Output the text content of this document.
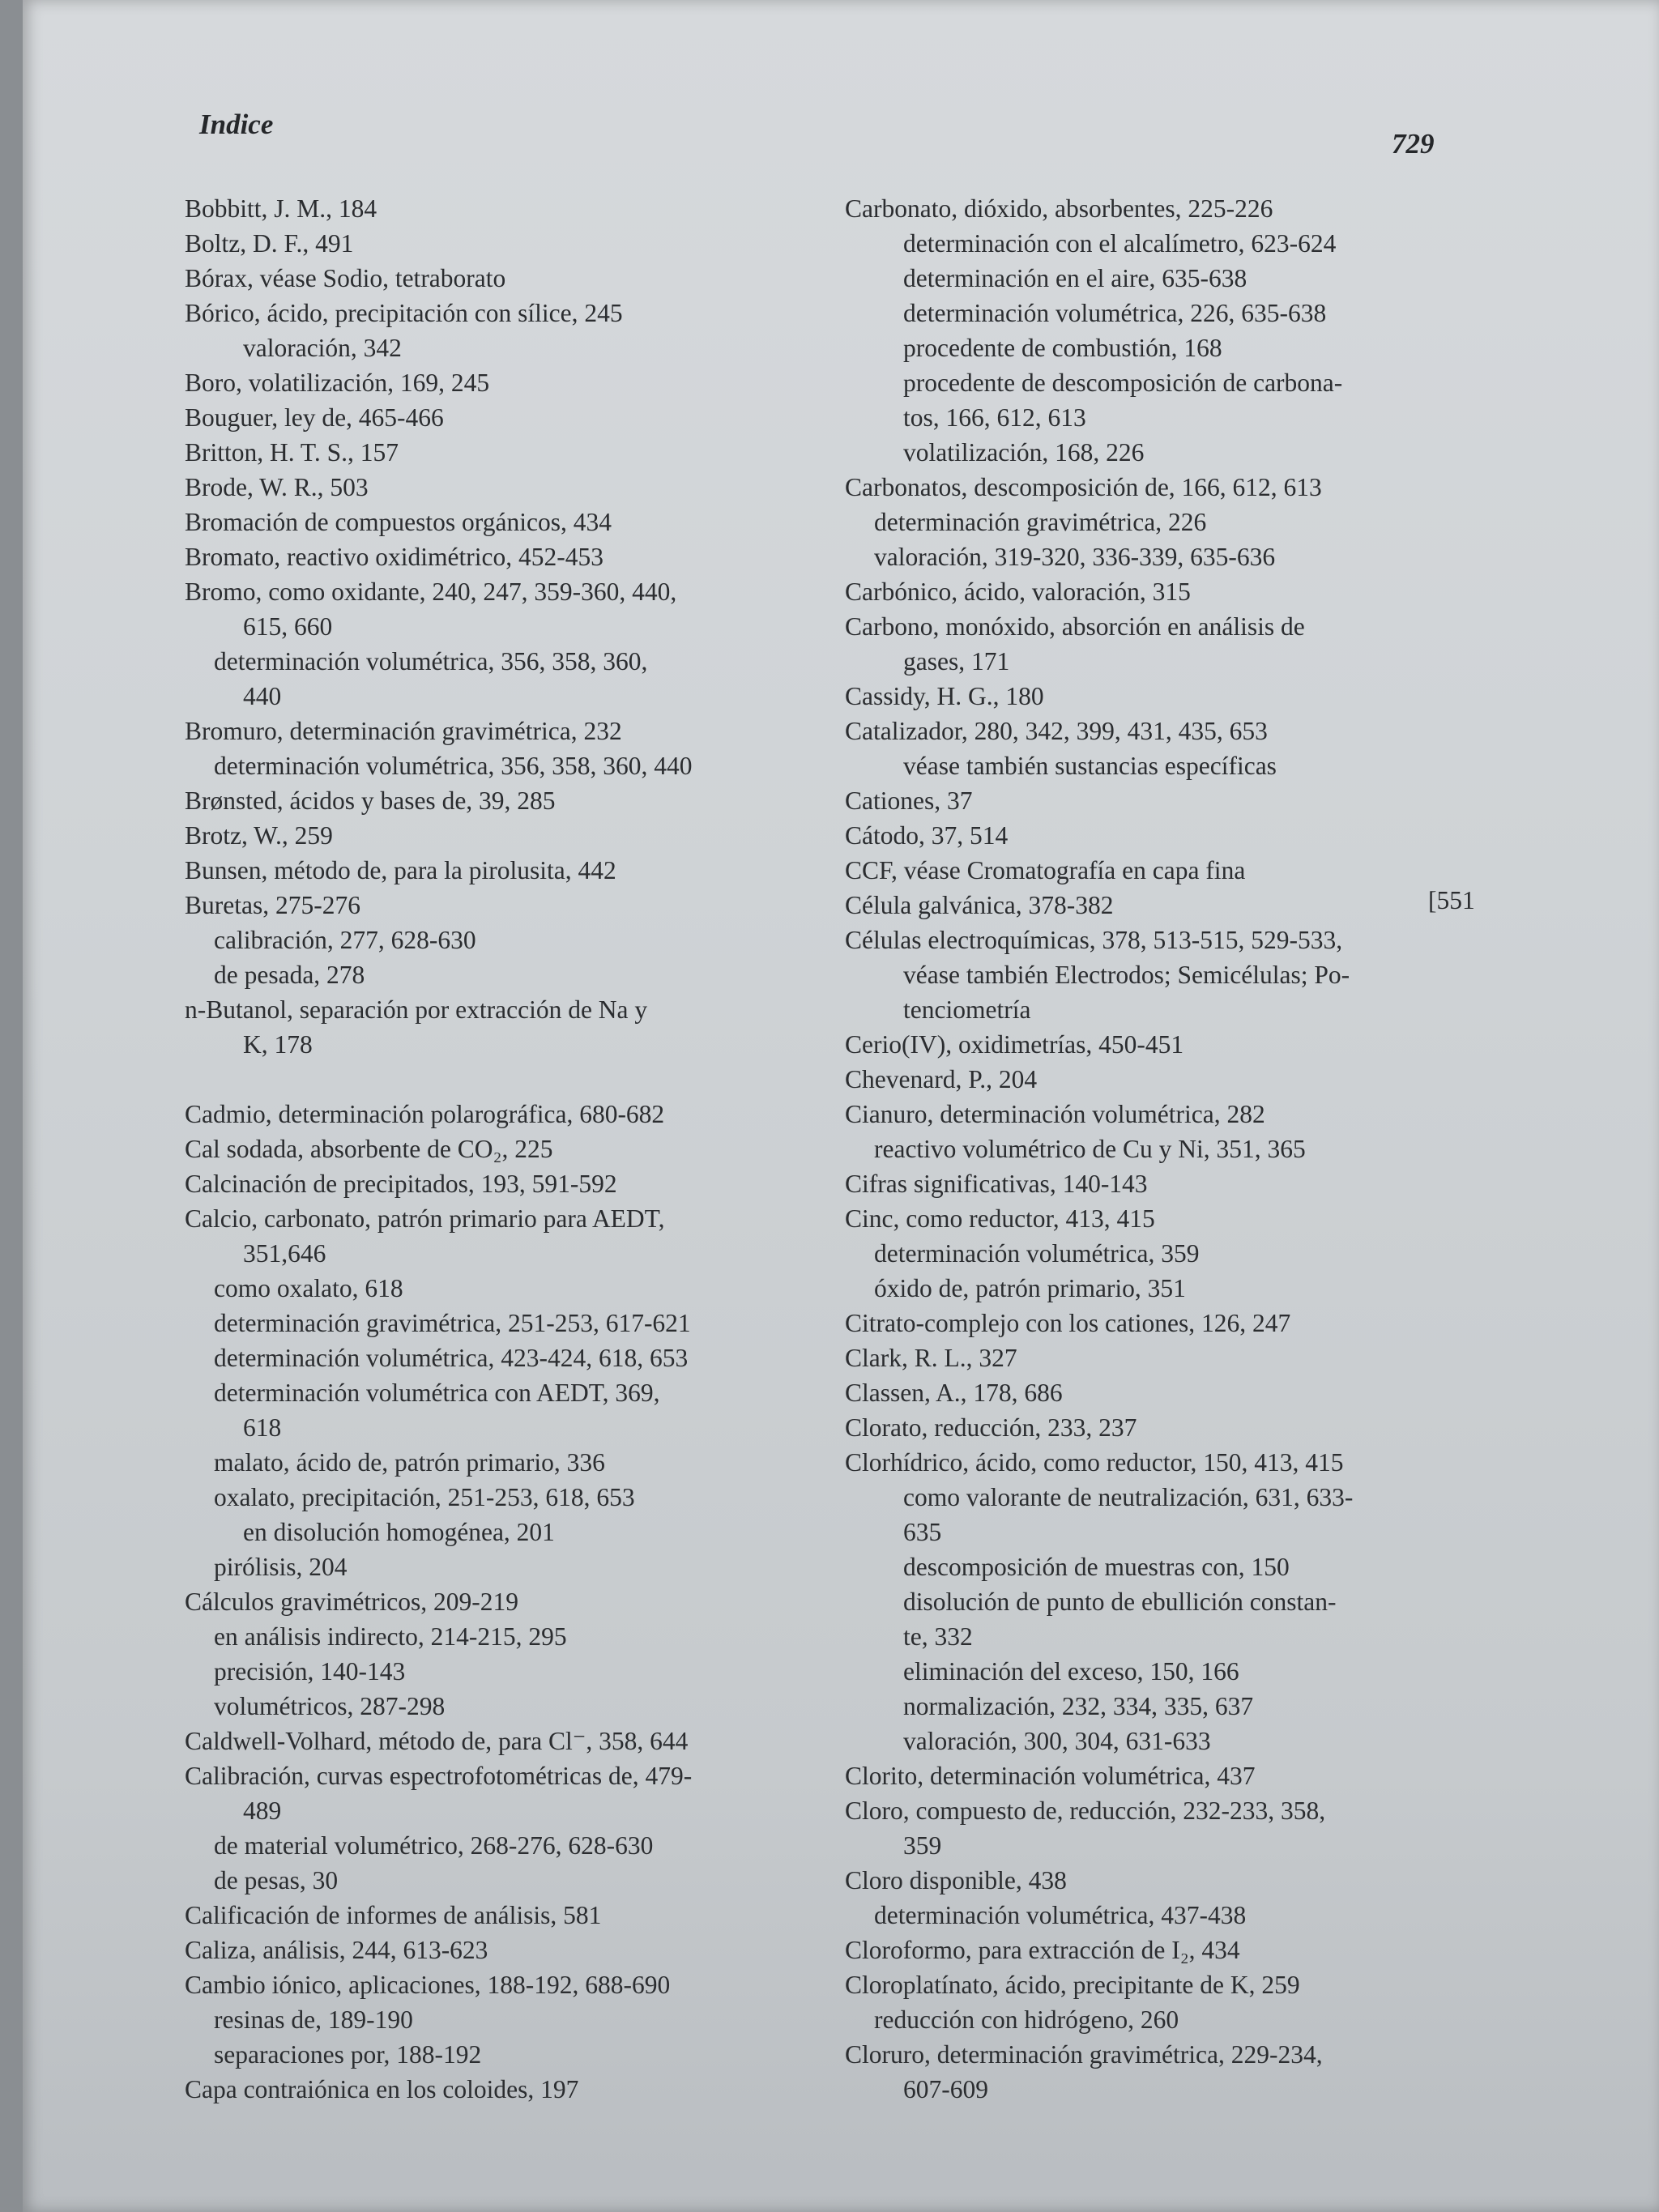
Indice
729
Bobbitt, J. M., 184
Boltz, D. F., 491
Bórax, véase Sodio, tetraborato
Bórico, ácido, precipitación con sílice, 245
valoración, 342
Boro, volatilización, 169, 245
Bouguer, ley de, 465-466
Britton, H. T. S., 157
Brode, W. R., 503
Bromación de compuestos orgánicos, 434
Bromato, reactivo oxidimétrico, 452-453
Bromo, como oxidante, 240, 247, 359-360, 440,
615, 660
determinación volumétrica, 356, 358, 360,
440
Bromuro, determinación gravimétrica, 232
determinación volumétrica, 356, 358, 360, 440
Brønsted, ácidos y bases de, 39, 285
Brotz, W., 259
Bunsen, método de, para la pirolusita, 442
Buretas, 275-276
calibración, 277, 628-630
de pesada, 278
n-Butanol, separación por extracción de Na y
K, 178
Cadmio, determinación polarográfica, 680-682
Cal sodada, absorbente de CO₂, 225
Calcinación de precipitados, 193, 591-592
Calcio, carbonato, patrón primario para AEDT,
351,646
como oxalato, 618
determinación gravimétrica, 251-253, 617-621
determinación volumétrica, 423-424, 618, 653
determinación volumétrica con AEDT, 369,
618
malato, ácido de, patrón primario, 336
oxalato, precipitación, 251-253, 618, 653
en disolución homogénea, 201
pirólisis, 204
Cálculos gravimétricos, 209-219
en análisis indirecto, 214-215, 295
precisión, 140-143
volumétricos, 287-298
Caldwell-Volhard, método de, para Cl⁻, 358, 644
Calibración, curvas espectrofotométricas de, 479-
489
de material volumétrico, 268-276, 628-630
de pesas, 30
Calificación de informes de análisis, 581
Caliza, análisis, 244, 613-623
Cambio iónico, aplicaciones, 188-192, 688-690
resinas de, 189-190
separaciones por, 188-192
Capa contraiónica en los coloides, 197
Carbonato, dióxido, absorbentes, 225-226
determinación con el alcalímetro, 623-624
determinación en el aire, 635-638
determinación volumétrica, 226, 635-638
procedente de combustión, 168
procedente de descomposición de carbona-
tos, 166, 612, 613
volatilización, 168, 226
Carbonatos, descomposición de, 166, 612, 613
determinación gravimétrica, 226
valoración, 319-320, 336-339, 635-636
Carbónico, ácido, valoración, 315
Carbono, monóxido, absorción en análisis de
gases, 171
Cassidy, H. G., 180
Catalizador, 280, 342, 399, 431, 435, 653
véase también sustancias específicas
Cationes, 37
Cátodo, 37, 514
CCF, véase Cromatografía en capa fina
Célula galvánica, 378-382
Células electroquímicas, 378, 513-515, 529-533,
véase también Electrodos; Semicélulas; Po-
tenciometría
Cerio(IV), oxidimetrías, 450-451
Chevenard, P., 204
Cianuro, determinación volumétrica, 282
reactivo volumétrico de Cu y Ni, 351, 365
Cifras significativas, 140-143
Cinc, como reductor, 413, 415
determinación volumétrica, 359
óxido de, patrón primario, 351
Citrato-complejo con los cationes, 126, 247
Clark, R. L., 327
Classen, A., 178, 686
Clorato, reducción, 233, 237
Clorhídrico, ácido, como reductor, 150, 413, 415
como valorante de neutralización, 631, 633-
635
descomposición de muestras con, 150
disolución de punto de ebullición constan-
te, 332
eliminación del exceso, 150, 166
normalización, 232, 334, 335, 637
valoración, 300, 304, 631-633
Clorito, determinación volumétrica, 437
Cloro, compuesto de, reducción, 232-233, 358,
359
Cloro disponible, 438
determinación volumétrica, 437-438
Cloroformo, para extracción de I₂, 434
Cloroplatínato, ácido, precipitante de K, 259
reducción con hidrógeno, 260
Cloruro, determinación gravimétrica, 229-234,
607-609
[551
